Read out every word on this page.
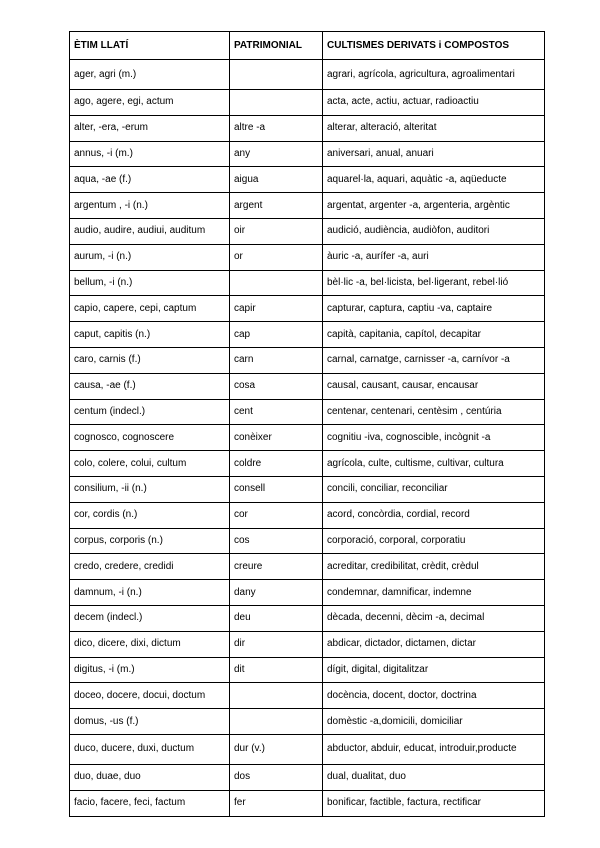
ÈTIM LLATÍ	PATRIMONIAL	CULTISMES DERIVATS i COMPOSTOS
ager, agri (m.)		agrari, agrícola, agricultura, agroalimentari
ago, agere, egi, actum		acta, acte, actiu, actuar, radioactiu
alter, -era, -erum	altre -a	alterar, alteració, alteritat
annus, -i (m.)	any	aniversari, anual, anuari
aqua, -ae (f.)	aigua	aquarel·la, aquari, aquàtic -a, aqüeducte
argentum , -i (n.)	argent	argentat, argenter -a, argenteria, argèntic
audio, audire, audiui, auditum	oir	audició, audiència, audiòfon, auditori
aurum, -i (n.)	or	àuric -a, aurífer -a, auri
bellum, -i (n.)		bèl·lic -a, bel·licista, bel·ligerant, rebel·lió
capio, capere, cepi, captum	capir	capturar, captura, captiu -va, captaire
caput, capitis (n.)	cap	capità, capitania, capítol, decapitar
caro, carnis (f.)	carn	carnal, carnatge, carnisser -a, carnívor -a
causa, -ae (f.)	cosa	causal, causant, causar, encausar
centum (indecl.)	cent	centenar, centenari, centèsim , centúria
cognosco, cognoscere	conèixer	cognitiu -iva, cognoscible, incògnit -a
colo, colere, colui, cultum	coldre	agrícola, culte, cultisme, cultivar, cultura
consilium, -ii (n.)	consell	concili, conciliar, reconciliar
cor, cordis (n.)	cor	acord, concòrdia, cordial, record
corpus, corporis (n.)	cos	corporació, corporal, corporatiu
credo, credere, credidi	creure	acreditar, credibilitat, crèdit, crèdul
damnum, -i (n.)	dany	condemnar, damnificar, indemne
decem (indecl.)	deu	dècada, decenni, dècim -a, decimal
dico, dicere, dixi, dictum	dir	abdicar, dictador, dictamen, dictar
digitus, -i (m.)	dit	dígit, digital, digitalitzar
doceo, docere, docui, doctum		docència, docent, doctor, doctrina
domus, -us (f.)		domèstic -a,domicili, domiciliar
duco, ducere, duxi, ductum	dur (v.)	abductor, abduir, educat, introduir,producte
duo, duae, duo	dos	dual, dualitat, duo
facio, facere, feci, factum	fer	bonificar, factible, factura, rectificar
